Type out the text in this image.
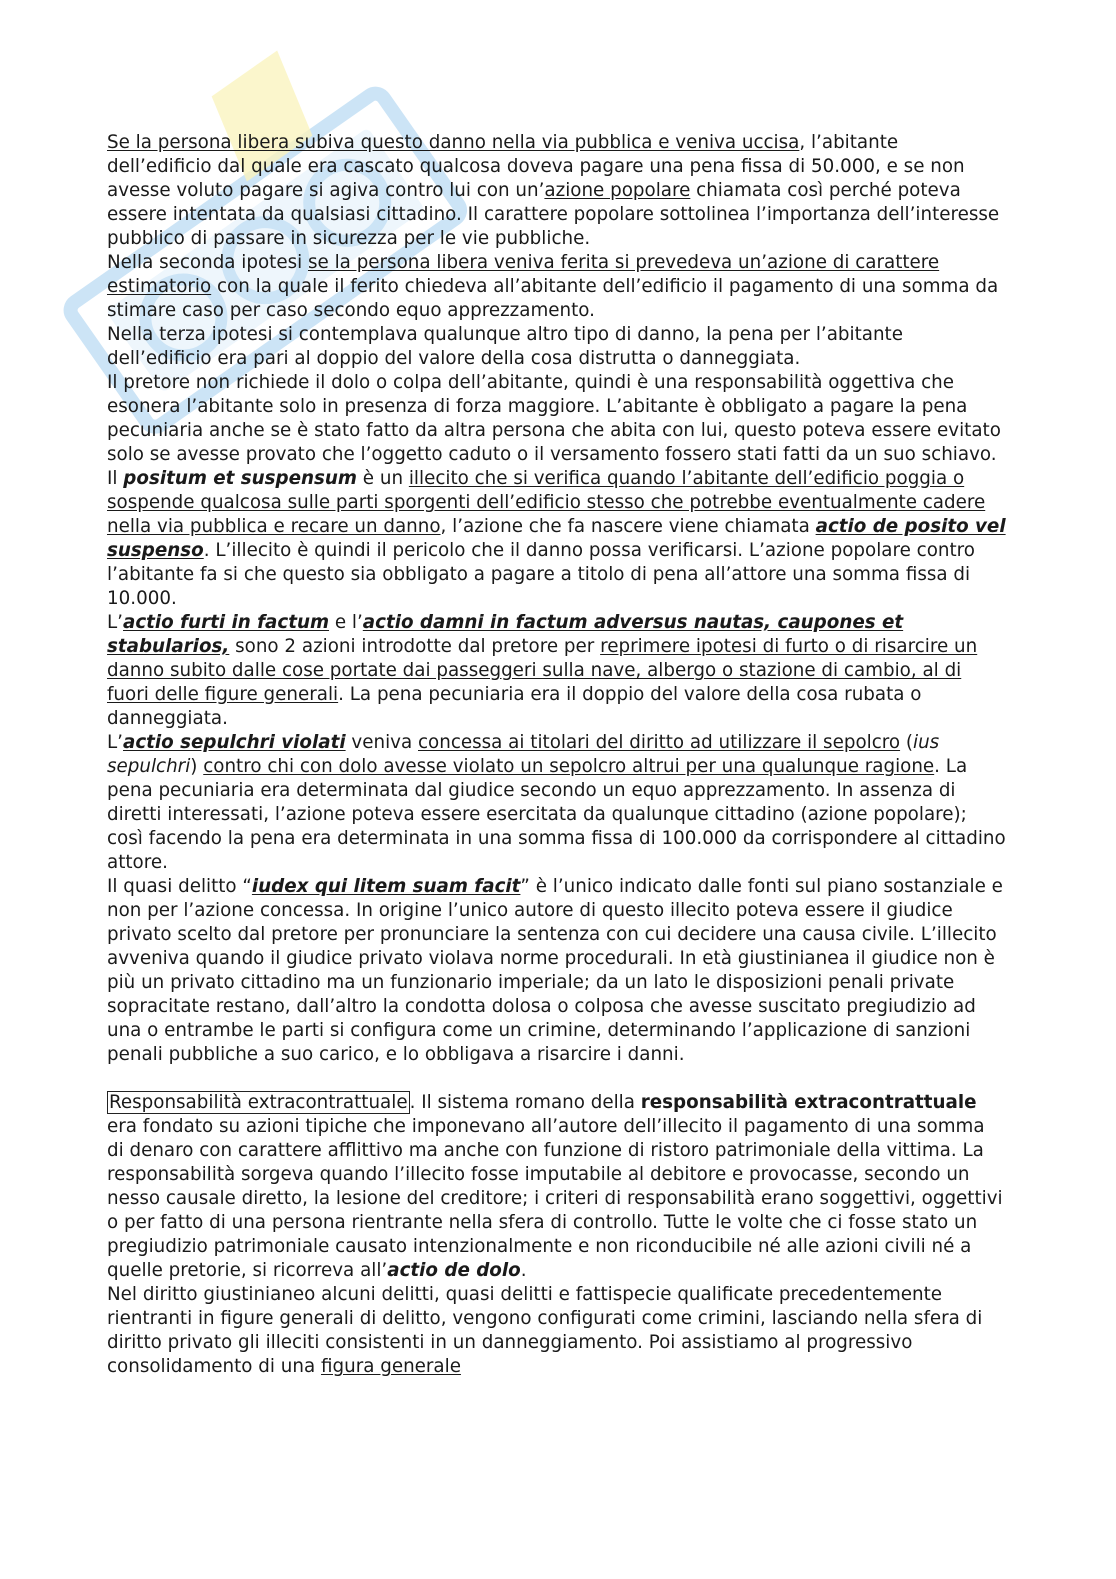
Se la persona libera subiva questo danno nella via pubblica e veniva uccisa, l’abitante dell’edificio dal quale era cascato qualcosa doveva pagare una pena fissa di 50.000, e se non avesse voluto pagare si agiva contro lui con un’azione popolare chiamata così perché poteva essere intentata da qualsiasi cittadino. Il carattere popolare sottolinea l’importanza dell’interesse pubblico di passare in sicurezza per le vie pubbliche.

Nella seconda ipotesi se la persona libera veniva ferita si prevedeva un’azione di carattere estimatorio con la quale il ferito chiedeva all’abitante dell’edificio il pagamento di una somma da stimare caso per caso secondo equo apprezzamento.

Nella terza ipotesi si contemplava qualunque altro tipo di danno, la pena per l’abitante dell’edificio era pari al doppio del valore della cosa distrutta o danneggiata.

Il pretore non richiede il dolo o colpa dell’abitante, quindi è una responsabilità oggettiva che esonera l’abitante solo in presenza di forza maggiore. L’abitante è obbligato a pagare la pena pecuniaria anche se è stato fatto da altra persona che abita con lui, questo poteva essere evitato solo se avesse provato che l’oggetto caduto o il versamento fossero stati fatti da un suo schiavo.

Il positum et suspensum è un illecito che si verifica quando l’abitante dell’edificio poggia o sospende qualcosa sulle parti sporgenti dell’edificio stesso che potrebbe eventualmente cadere nella via pubblica e recare un danno, l’azione che fa nascere viene chiamata actio de posito vel suspenso. L’illecito è quindi il pericolo che il danno possa verificarsi. L’azione popolare contro l’abitante fa si che questo sia obbligato a pagare a titolo di pena all’attore una somma fissa di 10.000.

L’actio furti in factum e l’actio damni in factum adversus nautas, caupones et stabularios, sono 2 azioni introdotte dal pretore per reprimere ipotesi di furto o di risarcire un danno subito dalle cose portate dai passeggeri sulla nave, albergo o stazione di cambio, al di fuori delle figure generali. La pena pecuniaria era il doppio del valore della cosa rubata o danneggiata.

L’actio sepulchri violati veniva concessa ai titolari del diritto ad utilizzare il sepolcro (ius sepulchri) contro chi con dolo avesse violato un sepolcro altrui per una qualunque ragione. La pena pecuniaria era determinata dal giudice secondo un equo apprezzamento. In assenza di diretti interessati, l’azione poteva essere esercitata da qualunque cittadino (azione popolare); così facendo la pena era determinata in una somma fissa di 100.000 da corrispondere al cittadino attore.

Il quasi delitto “iudex qui litem suam facit” è l’unico indicato dalle fonti sul piano sostanziale e non per l’azione concessa. In origine l’unico autore di questo illecito poteva essere il giudice privato scelto dal pretore per pronunciare la sentenza con cui decidere una causa civile. L’illecito avveniva quando il giudice privato violava norme procedurali. In età giustinianea il giudice non è più un privato cittadino ma un funzionario imperiale; da un lato le disposizioni penali private sopracitate restano, dall’altro la condotta dolosa o colposa che avesse suscitato pregiudizio ad una o entrambe le parti si configura come un crimine, determinando l’applicazione di sanzioni penali pubbliche a suo carico, e lo obbligava a risarcire i danni.

Responsabilità extracontrattuale . Il sistema romano della responsabilità extracontrattuale era fondato su azioni tipiche che imponevano all’autore dell’illecito il pagamento di una somma di denaro con carattere afflittivo ma anche con funzione di ristoro patrimoniale della vittima. La responsabilità sorgeva quando l’illecito fosse imputabile al debitore e provocasse, secondo un nesso causale diretto, la lesione del creditore; i criteri di responsabilità erano soggettivi, oggettivi o per fatto di una persona rientrante nella sfera di controllo. Tutte le volte che ci fosse stato un pregiudizio patrimoniale causato intenzionalmente e non riconducibile né alle azioni civili né a quelle pretorie, si ricorreva all’actio de dolo.

Nel diritto giustinianeo alcuni delitti, quasi delitti e fattispecie qualificate precedentemente rientranti in figure generali di delitto, vengono configurati come crimini, lasciando nella sfera di diritto privato gli illeciti consistenti in un danneggiamento. Poi assistiamo al progressivo consolidamento di una figura generale
